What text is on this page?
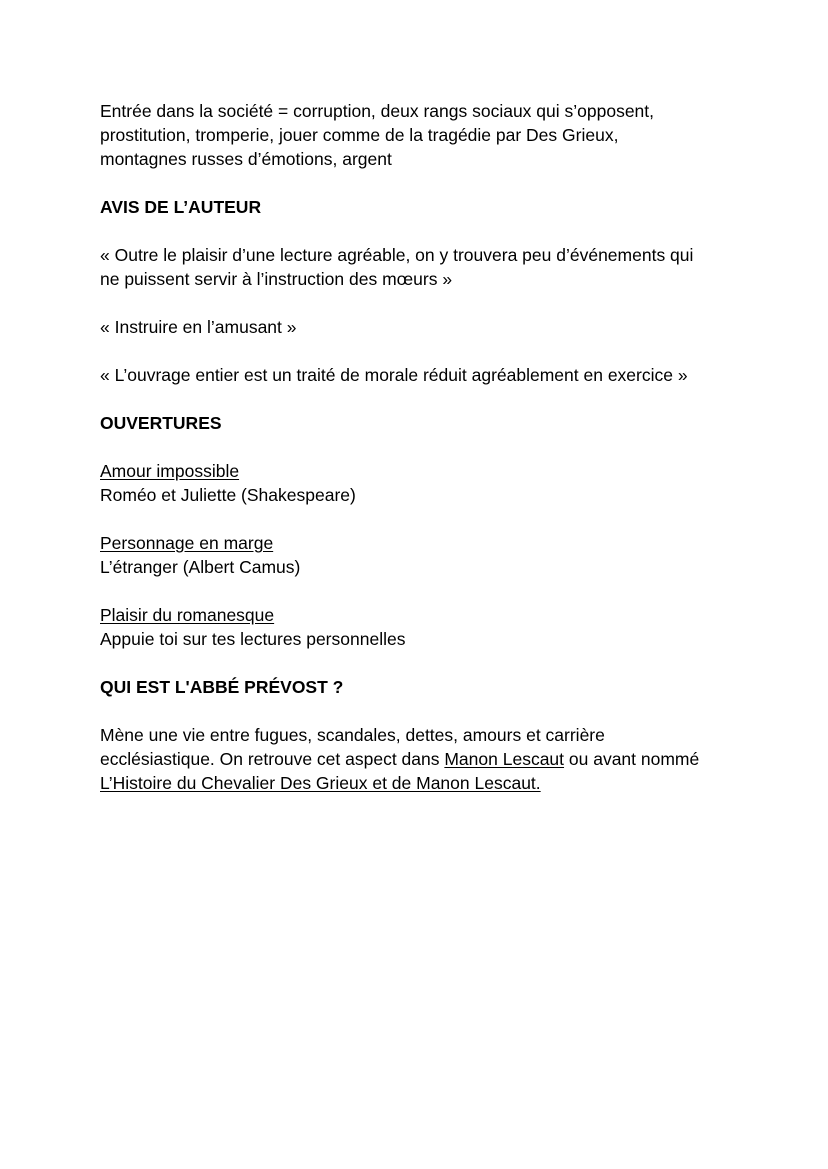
Entrée dans la société = corruption, deux rangs sociaux qui s’opposent,
prostitution, tromperie, jouer comme de la tragédie par Des Grieux,
montagnes russes d’émotions, argent

AVIS DE L’AUTEUR

« Outre le plaisir d’une lecture agréable, on y trouvera peu d’événements qui
ne puissent servir à l’instruction des mœurs »

« Instruire en l’amusant »

« L’ouvrage entier est un traité de morale réduit agréablement en exercice »

OUVERTURES

Amour impossible
Roméo et Juliette (Shakespeare)
Personnage en marge
L’étranger (Albert Camus)
Plaisir du romanesque
Appuie toi sur tes lectures personnelles

QUI EST L'ABBÉ PRÉVOST ?

Mène une vie entre fugues, scandales, dettes, amours et carrière
ecclésiastique. On retrouve cet aspect dans Manon Lescaut ou avant nommé
L’Histoire du Chevalier Des Grieux et de Manon Lescaut.
